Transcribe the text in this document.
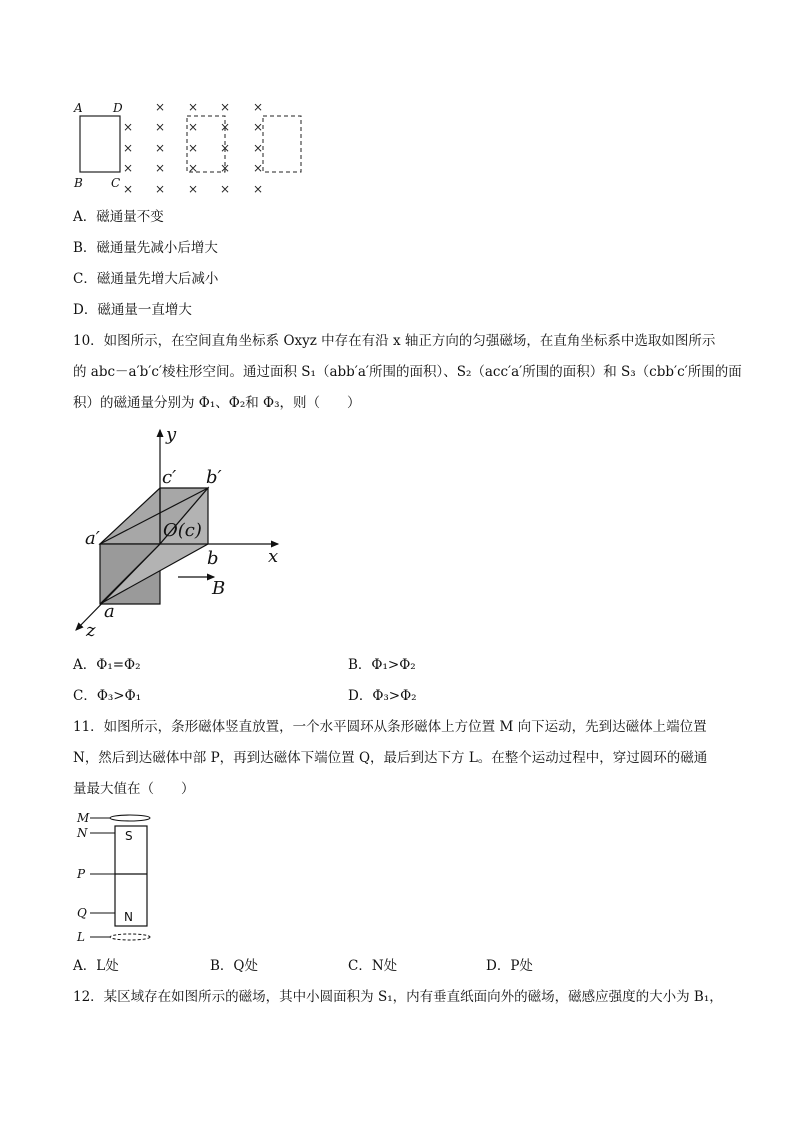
A	D
B C
× × × ×
× × × × ×
× × × × ×
× × × × ×
× × × × ×
A．磁通量不变
B．磁通量先减小后增大
C．磁通量先增大后减小
D．磁通量一直增大
10．如图所示，在空间直角坐标系 Oxyz 中存在有沿 x 轴正方向的匀强磁场，在直角坐标系中选取如图所示
的 abc－a′b′c′棱柱形空间。通过面积 S₁（abb′a′所围的面积）、S₂（acc′a′所围的面积）和 S₃（cbb′c′所围的面
积）的磁通量分别为 Φ₁、Φ₂和 Φ₃，则（　　）
y
x
z
c′ b′
a′	O(c)
b
a
B
A．Φ₁=Φ₂	B．Φ₁>Φ₂
C．Φ₃>Φ₁	D．Φ₃>Φ₂
11．如图所示，条形磁体竖直放置，一个水平圆环从条形磁体上方位置 M 向下运动，先到达磁体上端位置
N，然后到达磁体中部 P，再到达磁体下端位置 Q，最后到达下方 L。在整个运动过程中，穿过圆环的磁通
量最大值在（　　）
S
N
M
N
P
Q
L
A．L处	B．Q处	C．N处	D．P处
12．某区域存在如图所示的磁场，其中小圆面积为 S₁，内有垂直纸面向外的磁场，磁感应强度的大小为 B₁，
